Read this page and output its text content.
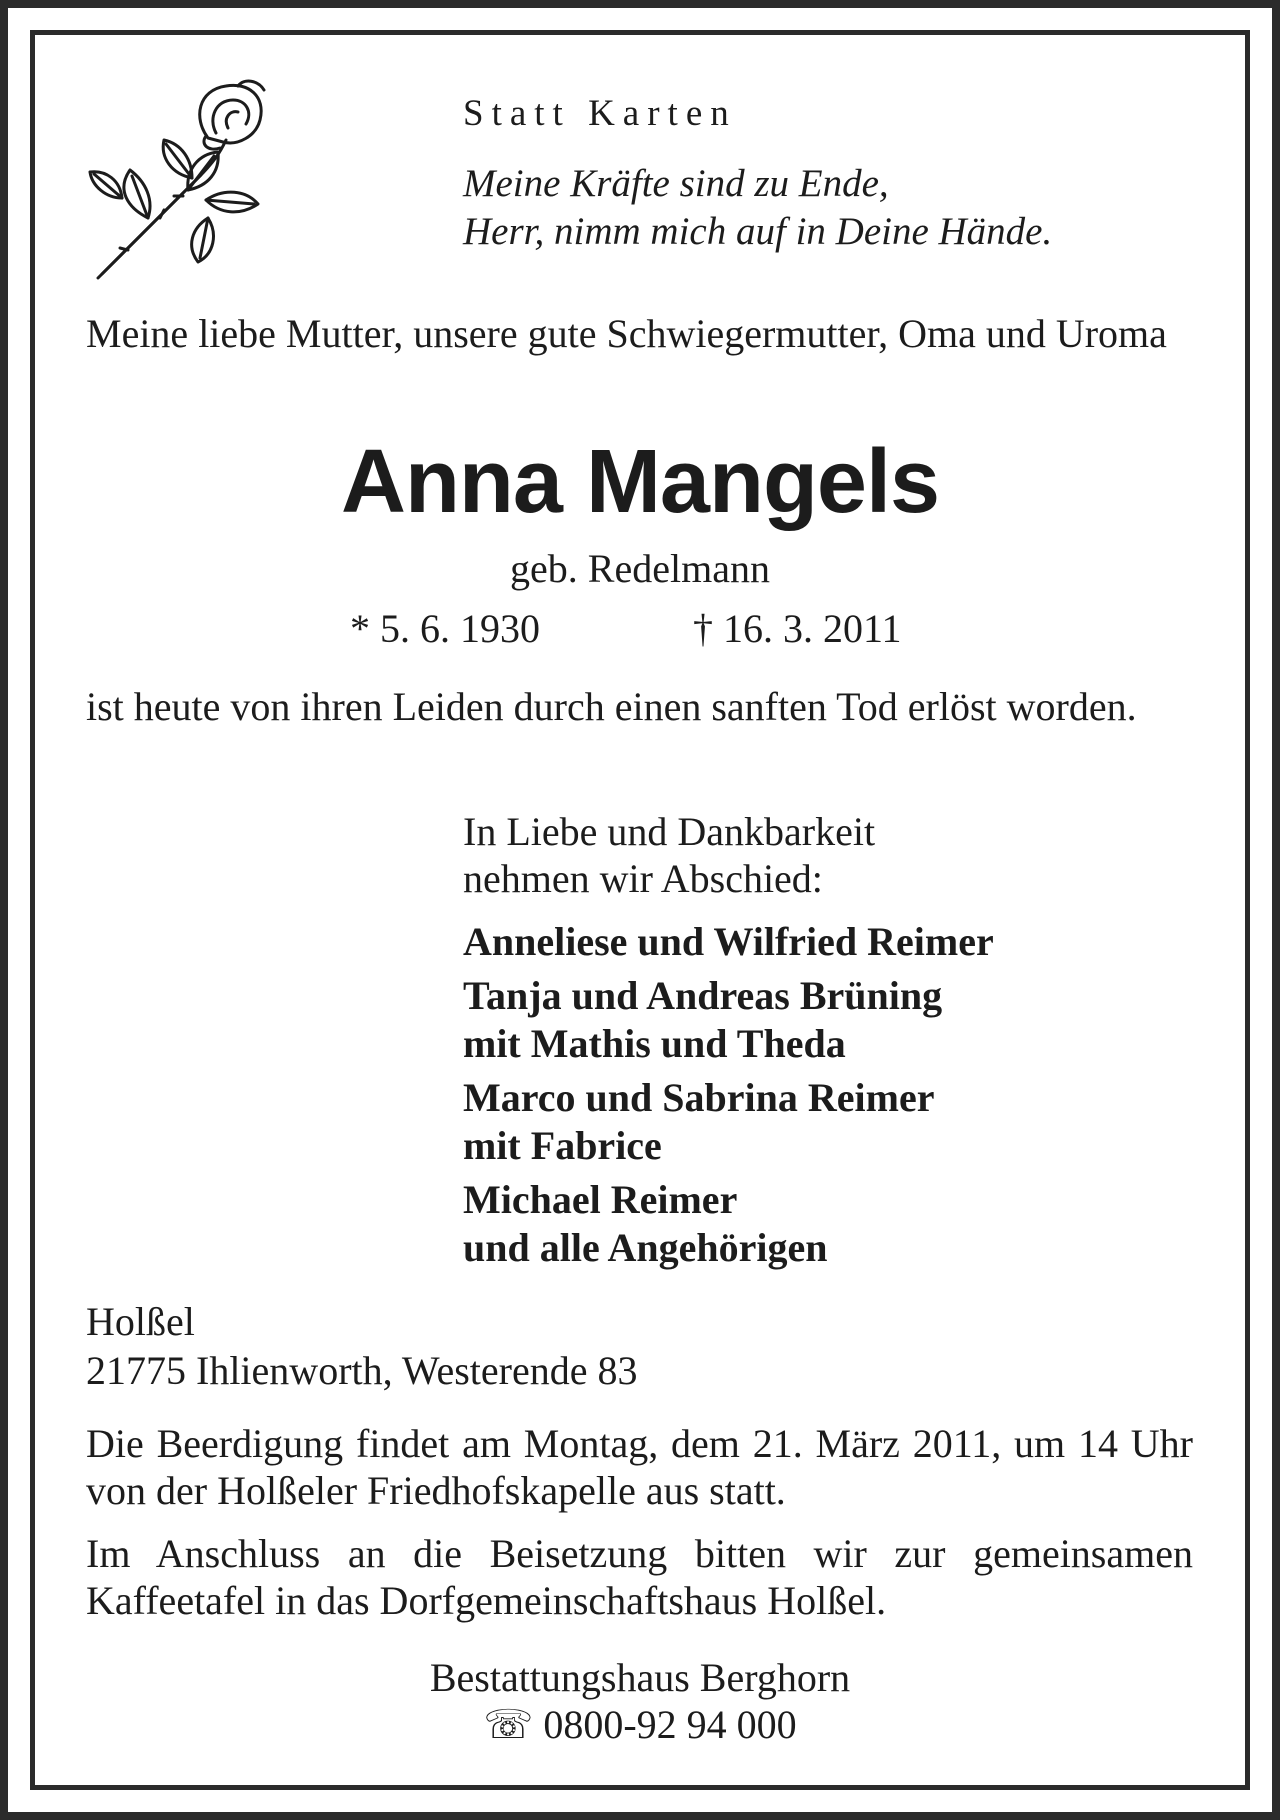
Statt Karten
Meine Kräfte sind zu Ende,
Herr, nimm mich auf in Deine Hände.
Meine liebe Mutter, unsere gute Schwiegermutter, Oma und Uroma
Anna Mangels
geb. Redelmann
* 5. 6. 1930	† 16. 3. 2011
ist heute von ihren Leiden durch einen sanften Tod erlöst worden.
In Liebe und Dankbarkeit
nehmen wir Abschied:
Anneliese und Wilfried Reimer
Tanja und Andreas Brüning
mit Mathis und Theda
Marco und Sabrina Reimer
mit Fabrice
Michael Reimer
und alle Angehörigen
Holßel
21775 Ihlienworth, Westerende 83
Die Beerdigung findet am Montag, dem 21. März 2011, um 14 Uhr von der Holßeler Friedhofskapelle aus statt.
Im Anschluss an die Beisetzung bitten wir zur gemeinsamen Kaffeetafel in das Dorfgemeinschaftshaus Holßel.
Bestattungshaus Berghorn
☏ 0800-92 94 000
